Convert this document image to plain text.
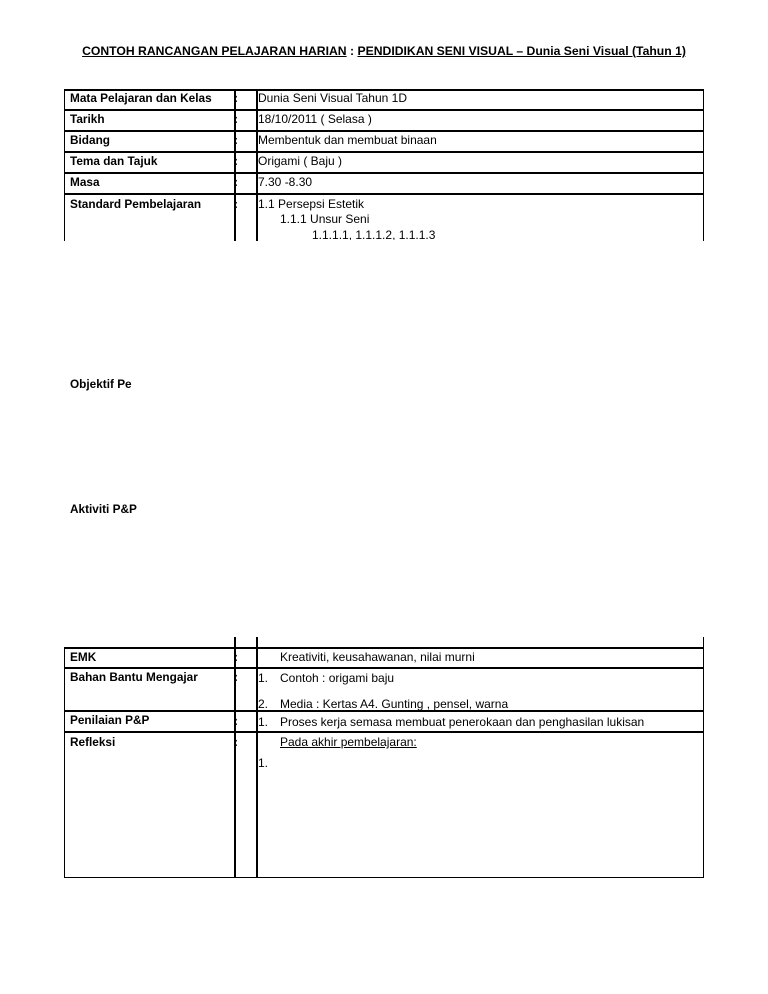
CONTOH RANCANGAN PELAJARAN HARIAN : PENDIDIKAN SENI VISUAL – Dunia Seni Visual (Tahun 1)
Mata Pelajaran dan Kelas : Dunia Seni Visual Tahun 1D
Tarikh	: 18/10/2011 ( Selasa )
Bidang	: Membentuk dan membuat binaan
Tema dan Tajuk	: Origami ( Baju )
Masa	: 7.30 -8.30
Standard Pembelajaran	: 1.1 Persepsi Estetik
1.1.1 Unsur Seni
1.1.1.1, 1.1.1.2, 1.1.1.3
Objektif Pe
Aktiviti P&P
EMK	:	Kreativiti, keusahawanan, nilai murni
Bahan Bantu Mengajar	: 1. Contoh : origami baju
2. Media : Kertas A4. Gunting , pensel, warna
Penilaian P&P	: 1. Proses kerja semasa membuat penerokaan dan penghasilan lukisan
Refleksi	:	Pada akhir pembelajaran:
1.
